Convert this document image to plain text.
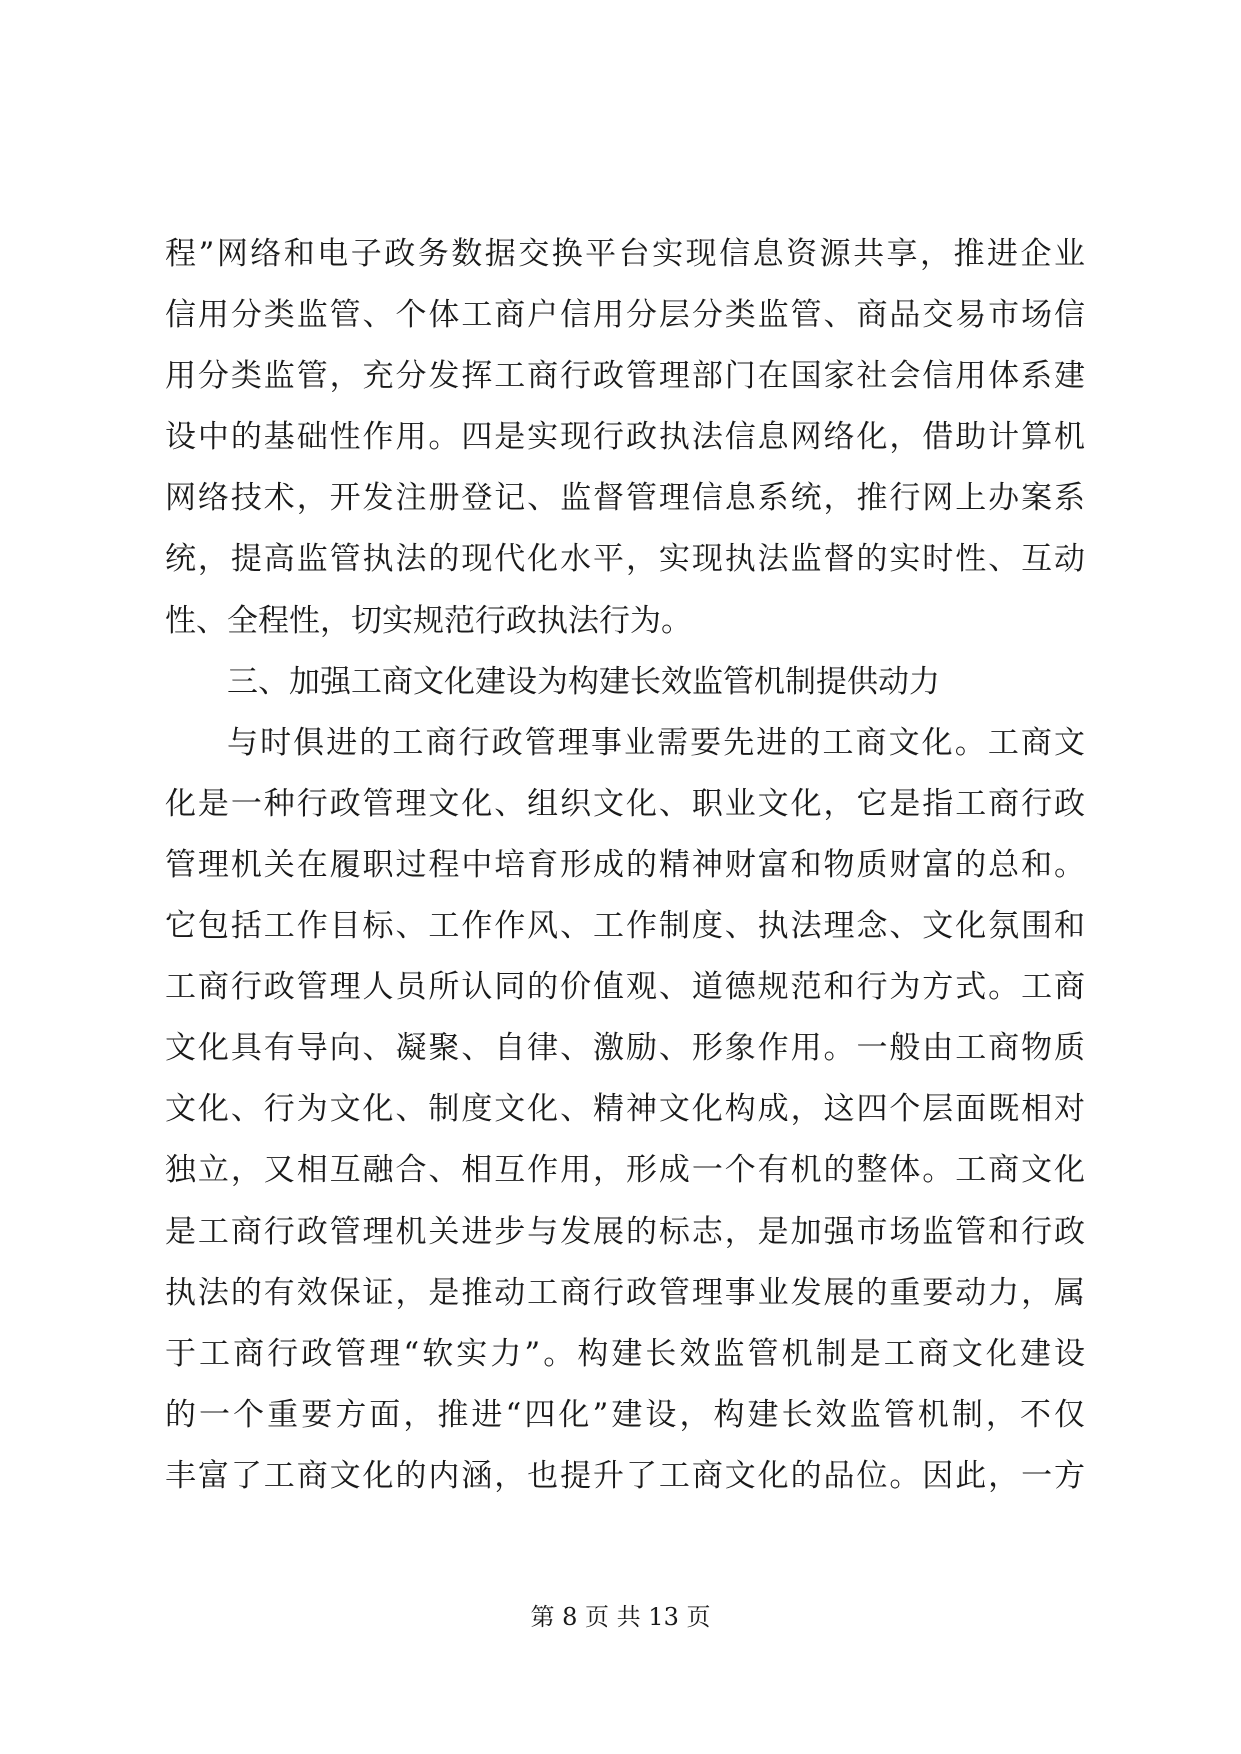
程”网络和电子政务数据交换平台实现信息资源共享，推进企业
信用分类监管、个体工商户信用分层分类监管、商品交易市场信
用分类监管，充分发挥工商行政管理部门在国家社会信用体系建
设中的基础性作用。四是实现行政执法信息网络化，借助计算机
网络技术，开发注册登记、监督管理信息系统，推行网上办案系
统，提高监管执法的现代化水平，实现执法监督的实时性、互动
性、全程性，切实规范行政执法行为。
三、加强工商文化建设为构建长效监管机制提供动力
与时俱进的工商行政管理事业需要先进的工商文化。工商文
化是一种行政管理文化、组织文化、职业文化，它是指工商行政
管理机关在履职过程中培育形成的精神财富和物质财富的总和。
它包括工作目标、工作作风、工作制度、执法理念、文化氛围和
工商行政管理人员所认同的价值观、道德规范和行为方式。工商
文化具有导向、凝聚、自律、激励、形象作用。一般由工商物质
文化、行为文化、制度文化、精神文化构成，这四个层面既相对
独立，又相互融合、相互作用，形成一个有机的整体。工商文化
是工商行政管理机关进步与发展的标志，是加强市场监管和行政
执法的有效保证，是推动工商行政管理事业发展的重要动力，属
于工商行政管理“软实力”。构建长效监管机制是工商文化建设
的一个重要方面，推进“四化”建设，构建长效监管机制，不仅
丰富了工商文化的内涵，也提升了工商文化的品位。因此，一方
第 8 页 共 13 页
